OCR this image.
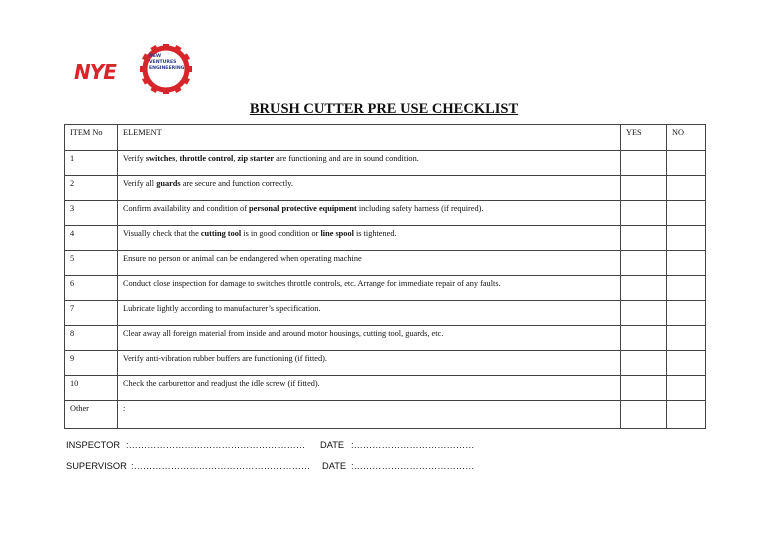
NYE
NEW
VENTURES
ENGINEERING
BRUSH CUTTER PRE USE CHECKLIST
ITEM No	ELEMENT	YES	NO
1	Verify switches, throttle control, zip starter are functioning and are in sound condition.		
2	Verify all guards are secure and function correctly.		
3	Confirm availability and condition of personal protective equipment including safety harness (if required).		
4	Visually check that the cutting tool is in good condition or line spool is tightened.		
5	Ensure no person or animal can be endangered when operating machine		
6	Conduct close inspection for damage to switches throttle controls, etc. Arrange for immediate repair of any faults.		
7	Lubricate lightly according to manufacturer’s specification.		
8	Clear away all foreign material from inside and around motor housings, cutting tool, guards, etc.		
9	Verify anti-vibration rubber buffers are functioning (if fitted).		
10	Check the carburettor and readjust the idle screw (if fitted).		
Other	:		
INSPECTOR :………………………………………………… DATE :…………………………………
SUPERVISOR :………………………………………………… DATE :…………………………………
